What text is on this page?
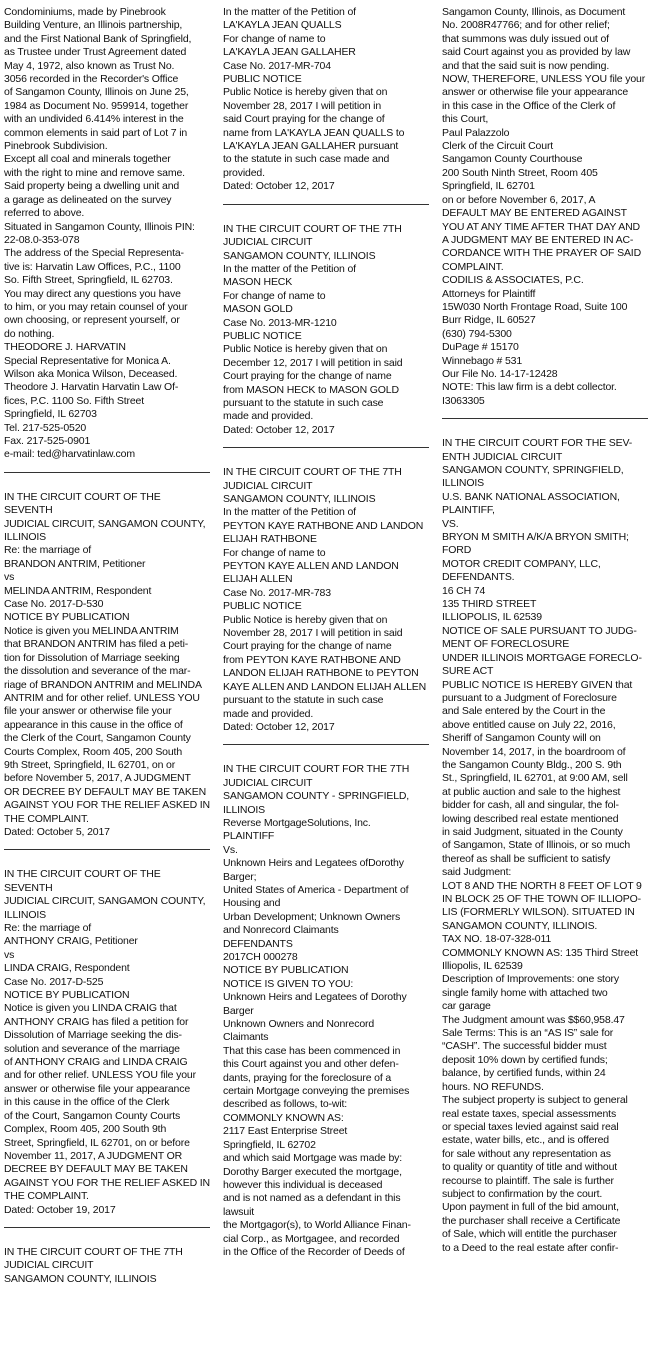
Condominiums, made by Pinebrook
Building Venture, an Illinois partnership,
and the First National Bank of Springfield,
as Trustee under Trust Agreement dated
May 4, 1972, also known as Trust No.
3056 recorded in the Recorder's Office
of Sangamon County, Illinois on June 25,
1984 as Document No. 959914, together
with an undivided 6.414% interest in the
common elements in said part of Lot 7 in
Pinebrook Subdivision.
Except all coal and minerals together
with the right to mine and remove same.
Said property being a dwelling unit and
a garage as delineated on the survey
referred to above.
Situated in Sangamon County, Illinois PIN:
22-08.0-353-078
The address of the Special Representa-
tive is: Harvatin Law Offices, P.C., 1100
So. Fifth Street, Springfield, IL 62703.
You may direct any questions you have
to him, or you may retain counsel of your
own choosing, or represent yourself, or
do nothing.
THEODORE J. HARVATIN
Special Representative for Monica A.
Wilson aka Monica Wilson, Deceased.
Theodore J. Harvatin Harvatin Law Of-
fices, P.C. 1100 So. Fifth Street
Springfield, IL 62703
Tel. 217-525-0520
Fax. 217-525-0901
e-mail: ted@harvatinlaw.com

IN THE CIRCUIT COURT OF THE SEVENTH
JUDICIAL CIRCUIT, SANGAMON COUNTY,
ILLINOIS
Re: the marriage of
BRANDON ANTRIM, Petitioner
vs
MELINDA ANTRIM, Respondent
Case No. 2017-D-530
NOTICE BY PUBLICATION
Notice is given you MELINDA ANTRIM
that BRANDON ANTRIM has filed a peti-
tion for Dissolution of Marriage seeking
the dissolution and severance of the mar-
riage of BRANDON ANTRIM and MELINDA
ANTRIM and for other relief. UNLESS YOU
file your answer or otherwise file your
appearance in this cause in the office of
the Clerk of the Court, Sangamon County
Courts Complex, Room 405, 200 South
9th Street, Springfield, IL 62701, on or
before November 5, 2017, A JUDGMENT
OR DECREE BY DEFAULT MAY BE TAKEN
AGAINST YOU FOR THE RELIEF ASKED IN
THE COMPLAINT.
Dated: October 5, 2017

IN THE CIRCUIT COURT OF THE SEVENTH
JUDICIAL CIRCUIT, SANGAMON COUNTY,
ILLINOIS
Re: the marriage of
ANTHONY CRAIG, Petitioner
vs
LINDA CRAIG, Respondent
Case No. 2017-D-525
NOTICE BY PUBLICATION
Notice is given you LINDA CRAIG that
ANTHONY CRAIG has filed a petition for
Dissolution of Marriage seeking the dis-
solution and severance of the marriage
of ANTHONY CRAIG and LINDA CRAIG
and for other relief. UNLESS YOU file your
answer or otherwise file your appearance
in this cause in the office of the Clerk
of the Court, Sangamon County Courts
Complex, Room 405, 200 South 9th
Street, Springfield, IL 62701, on or before
November 11, 2017, A JUDGMENT OR
DECREE BY DEFAULT MAY BE TAKEN
AGAINST YOU FOR THE RELIEF ASKED IN
THE COMPLAINT.
Dated: October 19, 2017

IN THE CIRCUIT COURT OF THE 7TH
JUDICIAL CIRCUIT
SANGAMON COUNTY, ILLINOIS

In the matter of the Petition of
LA'KAYLA JEAN QUALLS
For change of name to
LA'KAYLA JEAN GALLAHER
Case No. 2017-MR-704
PUBLIC NOTICE
Public Notice is hereby given that on
November 28, 2017 I will petition in
said Court praying for the change of
name from LA'KAYLA JEAN QUALLS to
LA'KAYLA JEAN GALLAHER pursuant
to the statute in such case made and
provided.
Dated: October 12, 2017

IN THE CIRCUIT COURT OF THE 7TH
JUDICIAL CIRCUIT
SANGAMON COUNTY, ILLINOIS
In the matter of the Petition of
MASON HECK
For change of name to
MASON GOLD
Case No. 2013-MR-1210
PUBLIC NOTICE
Public Notice is hereby given that on
December 12, 2017 I will petition in said
Court praying for the change of name
from MASON HECK to MASON GOLD
pursuant to the statute in such case
made and provided.
Dated: October 12, 2017

IN THE CIRCUIT COURT OF THE 7TH
JUDICIAL CIRCUIT
SANGAMON COUNTY, ILLINOIS
In the matter of the Petition of
PEYTON KAYE RATHBONE AND LANDON
ELIJAH RATHBONE
For change of name to
PEYTON KAYE ALLEN AND LANDON
ELIJAH ALLEN
Case No. 2017-MR-783
PUBLIC NOTICE
Public Notice is hereby given that on
November 28, 2017 I will petition in said
Court praying for the change of name
from PEYTON KAYE RATHBONE AND
LANDON ELIJAH RATHBONE to PEYTON
KAYE ALLEN AND LANDON ELIJAH ALLEN
pursuant to the statute in such case
made and provided.
Dated: October 12, 2017

IN THE CIRCUIT COURT FOR THE 7TH
JUDICIAL CIRCUIT
SANGAMON COUNTY - SPRINGFIELD,
ILLINOIS
Reverse MortgageSolutions, Inc.
PLAINTIFF
Vs.
Unknown Heirs and Legatees ofDorothy
Barger;
United States of America - Department of
Housing and
Urban Development; Unknown Owners
and Nonrecord Claimants
DEFENDANTS
2017CH 000278
NOTICE BY PUBLICATION
NOTICE IS GIVEN TO YOU:
Unknown Heirs and Legatees of Dorothy
Barger
Unknown Owners and Nonrecord
Claimants
That this case has been commenced in
this Court against you and other defen-
dants, praying for the foreclosure of a
certain Mortgage conveying the premises
described as follows, to-wit:
COMMONLY KNOWN AS:
2117 East Enterprise Street
Springfield, IL 62702
and which said Mortgage was made by:
Dorothy Barger executed the mortgage,
however this individual is deceased
and is not named as a defendant in this
lawsuit
the Mortgagor(s), to World Alliance Finan-
cial Corp., as Mortgagee, and recorded
in the Office of the Recorder of Deeds of

Sangamon County, Illinois, as Document
No. 2008R47766; and for other relief;
that summons was duly issued out of
said Court against you as provided by law
and that the said suit is now pending.
NOW, THEREFORE, UNLESS YOU file your
answer or otherwise file your appearance
in this case in the Office of the Clerk of
this Court,
Paul Palazzolo
Clerk of the Circuit Court
Sangamon County Courthouse
200 South Ninth Street, Room 405
Springfield, IL 62701
on or before November 6, 2017, A
DEFAULT MAY BE ENTERED AGAINST
YOU AT ANY TIME AFTER THAT DAY AND
A JUDGMENT MAY BE ENTERED IN AC-
CORDANCE WITH THE PRAYER OF SAID
COMPLAINT.
CODILIS & ASSOCIATES, P.C.
Attorneys for Plaintiff
15W030 North Frontage Road, Suite 100
Burr Ridge, IL 60527
(630) 794-5300
DuPage # 15170
Winnebago # 531
Our File No. 14-17-12428
NOTE: This law firm is a debt collector.
I3063305

IN THE CIRCUIT COURT FOR THE SEV-
ENTH JUDICIAL CIRCUIT
SANGAMON COUNTY, SPRINGFIELD,
ILLINOIS
U.S. BANK NATIONAL ASSOCIATION,
PLAINTIFF,
VS.
BRYON M SMITH A/K/A BRYON SMITH;
FORD
MOTOR CREDIT COMPANY, LLC,
DEFENDANTS.
16 CH 74
135 THIRD STREET
ILLIOPOLIS, IL 62539
NOTICE OF SALE PURSUANT TO JUDG-
MENT OF FORECLOSURE
UNDER ILLINOIS MORTGAGE FORECLO-
SURE ACT
PUBLIC NOTICE IS HEREBY GIVEN that
pursuant to a Judgment of Foreclosure
and Sale entered by the Court in the
above entitled cause on July 22, 2016,
Sheriff of Sangamon County will on
November 14, 2017, in the boardroom of
the Sangamon County Bldg., 200 S. 9th
St., Springfield, IL 62701, at 9:00 AM, sell
at public auction and sale to the highest
bidder for cash, all and singular, the fol-
lowing described real estate mentioned
in said Judgment, situated in the County
of Sangamon, State of Illinois, or so much
thereof as shall be sufficient to satisfy
said Judgment:
LOT 8 AND THE NORTH 8 FEET OF LOT 9
IN BLOCK 25 OF THE TOWN OF ILLIOPO-
LIS (FORMERLY WILSON). SITUATED IN
SANGAMON COUNTY, ILLINOIS.
TAX NO. 18-07-328-011
COMMONLY KNOWN AS: 135 Third Street
Illiopolis, IL 62539
Description of Improvements: one story
single family home with attached two
car garage
The Judgment amount was $$60,958.47
Sale Terms: This is an “AS IS” sale for
“CASH”. The successful bidder must
deposit 10% down by certified funds;
balance, by certified funds, within 24
hours. NO REFUNDS.
The subject property is subject to general
real estate taxes, special assessments
or special taxes levied against said real
estate, water bills, etc., and is offered
for sale without any representation as
to quality or quantity of title and without
recourse to plaintiff. The sale is further
subject to confirmation by the court.
Upon payment in full of the bid amount,
the purchaser shall receive a Certificate
of Sale, which will entitle the purchaser
to a Deed to the real estate after confir-
